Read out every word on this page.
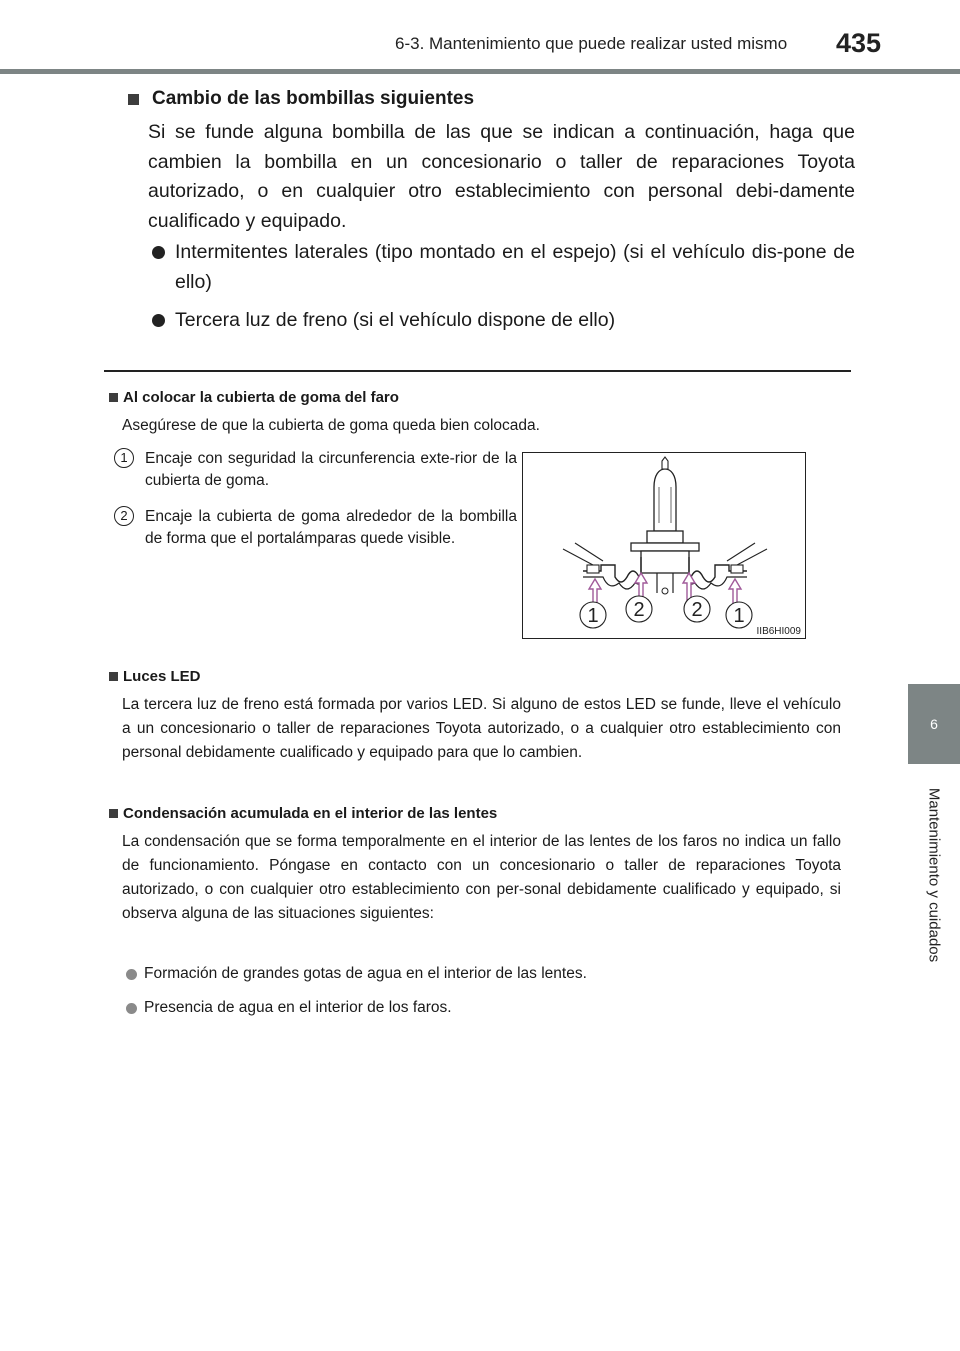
6-3. Mantenimiento que puede realizar usted mismo 435
6
Mantenimiento y cuidados
Cambio de las bombillas siguientes
Si se funde alguna bombilla de las que se indican a continuación, haga que cambien la bombilla en un concesionario o taller de reparaciones Toyota autorizado, o en cualquier otro establecimiento con personal debi-damente cualificado y equipado.
Intermitentes laterales (tipo montado en el espejo) (si el vehículo dis-pone de ello)
Tercera luz de freno (si el vehículo dispone de ello)
Al colocar la cubierta de goma del faro
Asegúrese de que la cubierta de goma queda bien colocada.
1	Encaje con seguridad la circunferencia exte-rior de la cubierta de goma.
2	Encaje la cubierta de goma alrededor de la bombilla de forma que el portalámparas quede visible.
1 2 2 1
IIB6HI009
Luces LED
La tercera luz de freno está formada por varios LED. Si alguno de estos LED se funde, lleve el vehículo a un concesionario o taller de reparaciones Toyota autorizado, o a cualquier otro establecimiento con personal debidamente cualificado y equipado para que lo cambien.
Condensación acumulada en el interior de las lentes
La condensación que se forma temporalmente en el interior de las lentes de los faros no indica un fallo de funcionamiento. Póngase en contacto con un concesionario o taller de reparaciones Toyota autorizado, o con cualquier otro establecimiento con per-sonal debidamente cualificado y equipado, si observa alguna de las situaciones siguientes:
Formación de grandes gotas de agua en el interior de las lentes.
Presencia de agua en el interior de los faros.
